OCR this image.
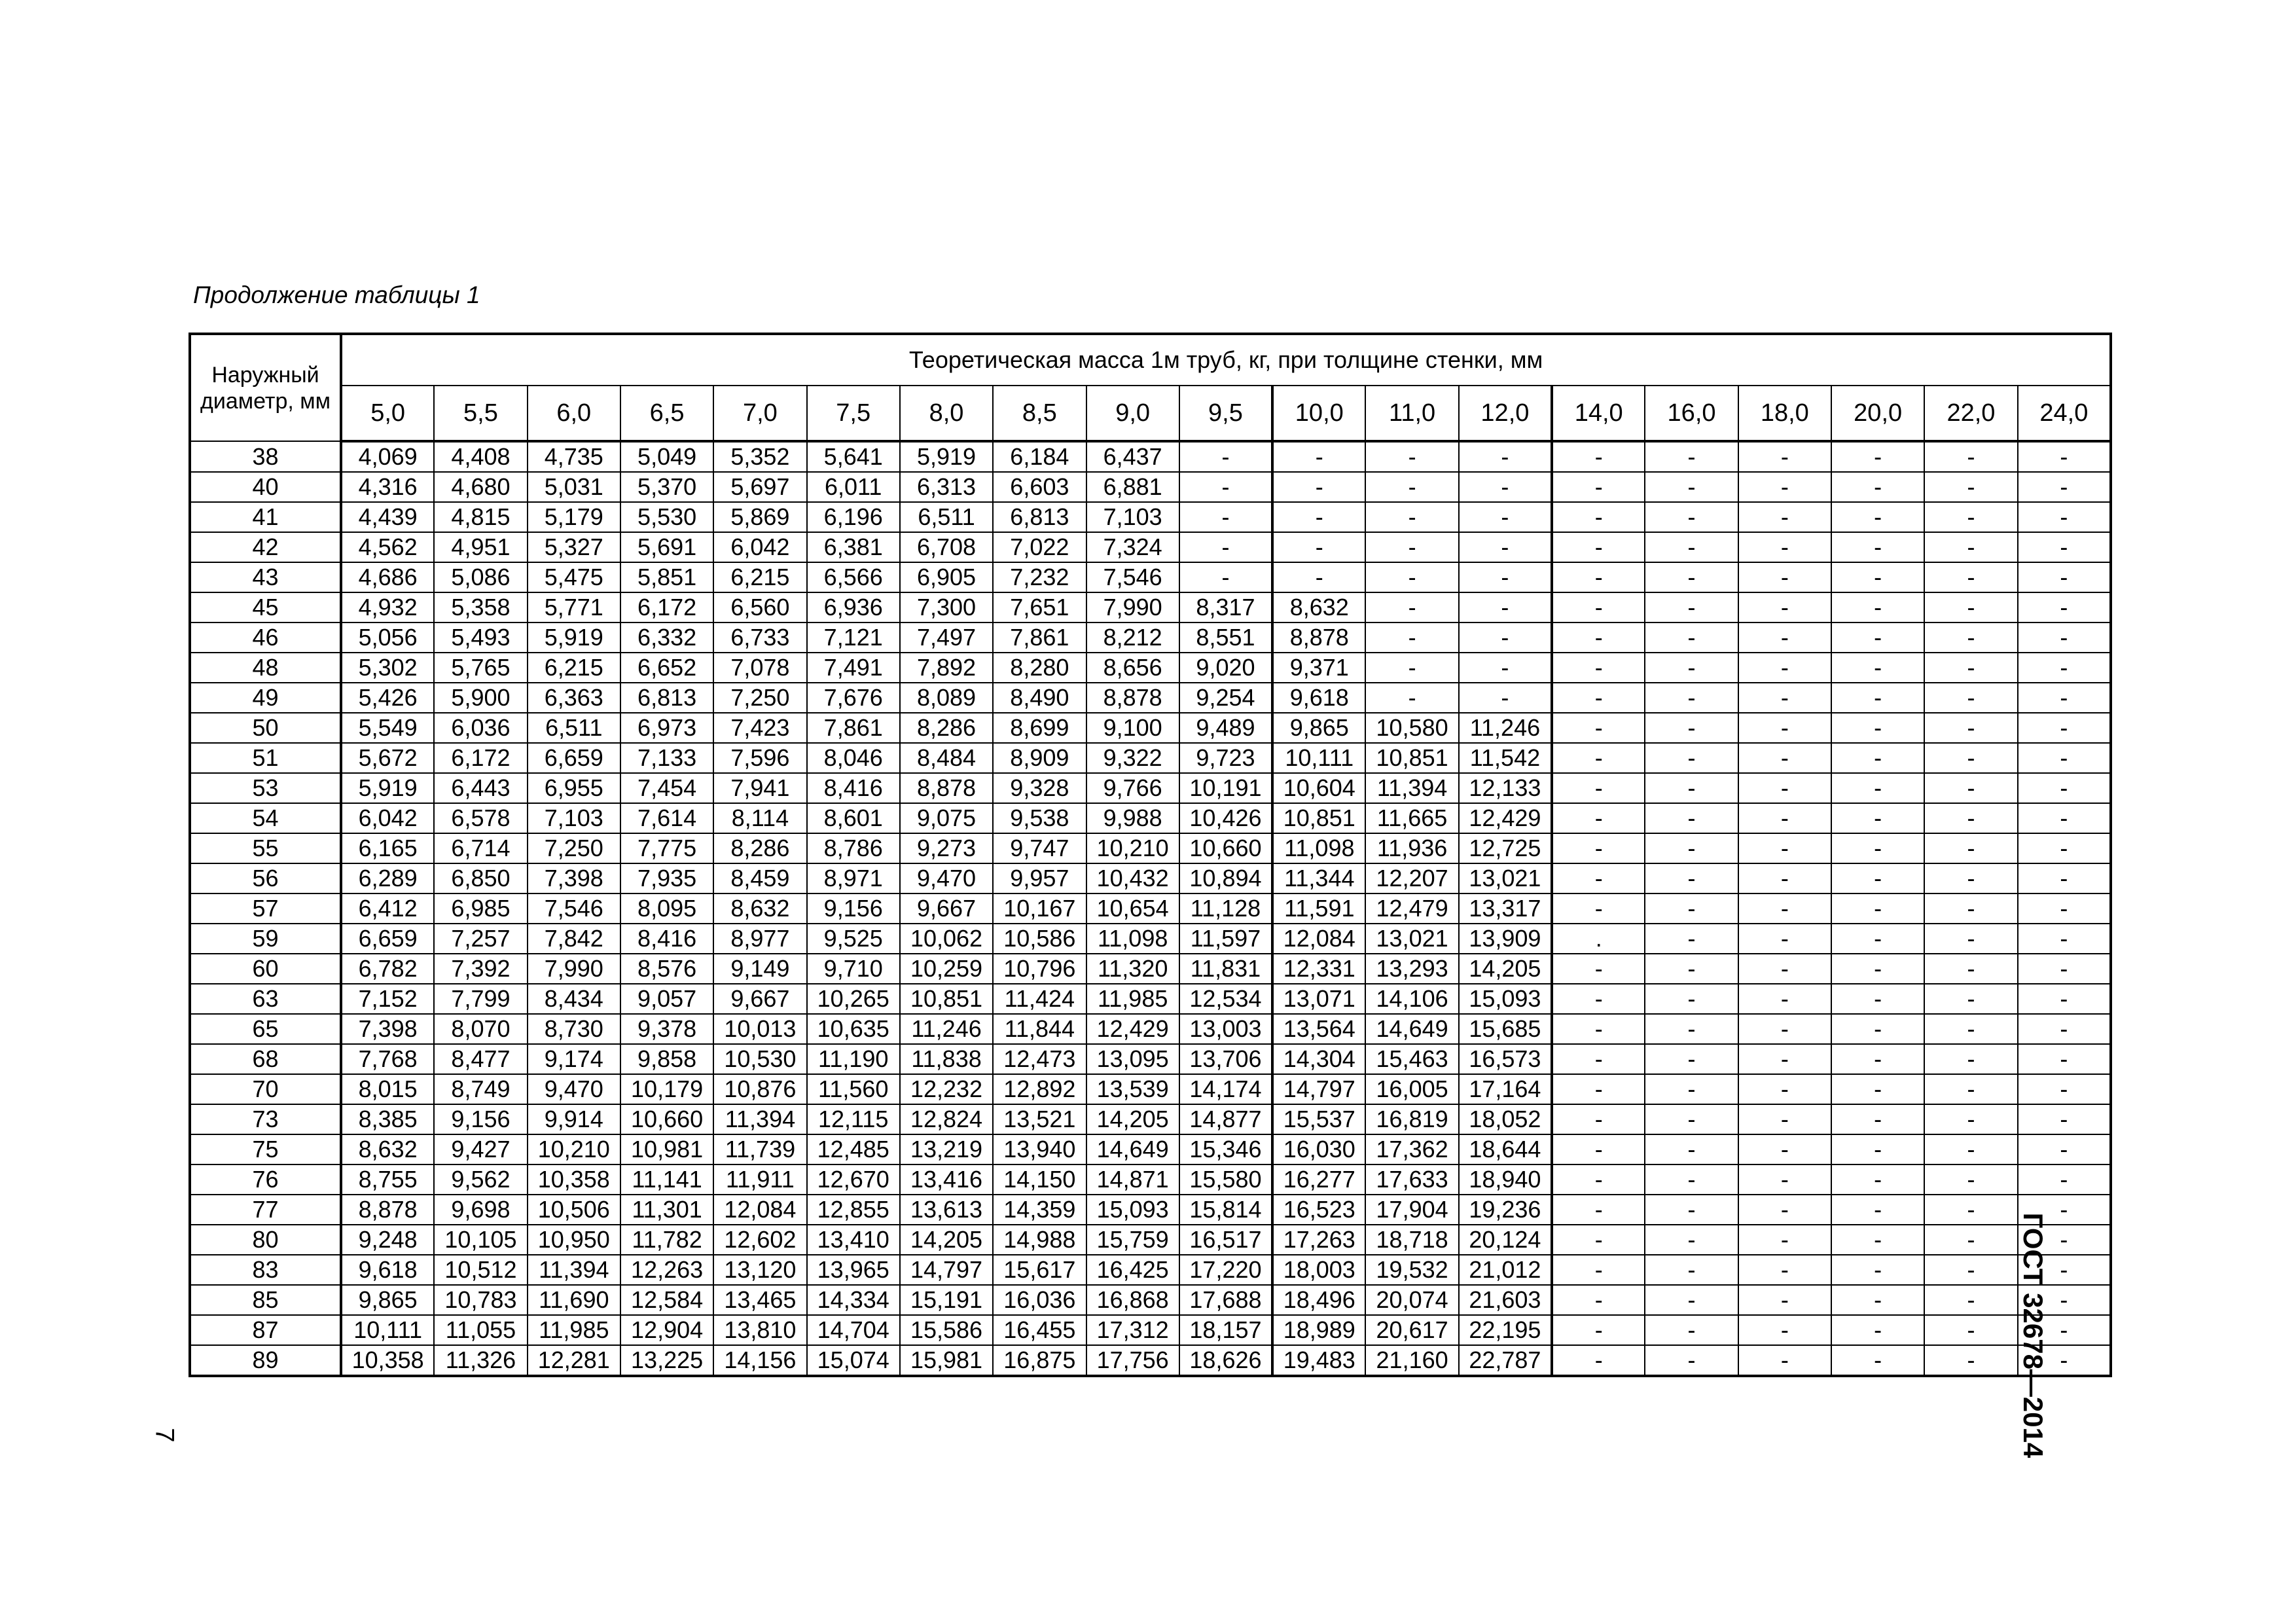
Продолжение таблицы 1
Наружный диаметр, мм	Теоретическая масса 1м труб, кг, при толщине стенки, мм																		
	5,0	5,5	6,0	6,5	7,0	7,5	8,0	8,5	9,0	9,5	10,0	11,0	12,0	14,0	16,0	18,0	20,0	22,0	24,0
38	4,069	4,408	4,735	5,049	5,352	5,641	5,919	6,184	6,437	-	-	-	-	-	-	-	-	-	-
40	4,316	4,680	5,031	5,370	5,697	6,011	6,313	6,603	6,881	-	-	-	-	-	-	-	-	-	-
41	4,439	4,815	5,179	5,530	5,869	6,196	6,511	6,813	7,103	-	-	-	-	-	-	-	-	-	-
42	4,562	4,951	5,327	5,691	6,042	6,381	6,708	7,022	7,324	-	-	-	-	-	-	-	-	-	-
43	4,686	5,086	5,475	5,851	6,215	6,566	6,905	7,232	7,546	-	-	-	-	-	-	-	-	-	-
45	4,932	5,358	5,771	6,172	6,560	6,936	7,300	7,651	7,990	8,317	8,632	-	-	-	-	-	-	-	-
46	5,056	5,493	5,919	6,332	6,733	7,121	7,497	7,861	8,212	8,551	8,878	-	-	-	-	-	-	-	-
48	5,302	5,765	6,215	6,652	7,078	7,491	7,892	8,280	8,656	9,020	9,371	-	-	-	-	-	-	-	-
49	5,426	5,900	6,363	6,813	7,250	7,676	8,089	8,490	8,878	9,254	9,618	-	-	-	-	-	-	-	-
50	5,549	6,036	6,511	6,973	7,423	7,861	8,286	8,699	9,100	9,489	9,865	10,580	11,246	-	-	-	-	-	-
51	5,672	6,172	6,659	7,133	7,596	8,046	8,484	8,909	9,322	9,723	10,111	10,851	11,542	-	-	-	-	-	-
53	5,919	6,443	6,955	7,454	7,941	8,416	8,878	9,328	9,766	10,191	10,604	11,394	12,133	-	-	-	-	-	-
54	6,042	6,578	7,103	7,614	8,114	8,601	9,075	9,538	9,988	10,426	10,851	11,665	12,429	-	-	-	-	-	-
55	6,165	6,714	7,250	7,775	8,286	8,786	9,273	9,747	10,210	10,660	11,098	11,936	12,725	-	-	-	-	-	-
56	6,289	6,850	7,398	7,935	8,459	8,971	9,470	9,957	10,432	10,894	11,344	12,207	13,021	-	-	-	-	-	-
57	6,412	6,985	7,546	8,095	8,632	9,156	9,667	10,167	10,654	11,128	11,591	12,479	13,317	-	-	-	-	-	-
59	6,659	7,257	7,842	8,416	8,977	9,525	10,062	10,586	11,098	11,597	12,084	13,021	13,909	.	-	-	-	-	-
60	6,782	7,392	7,990	8,576	9,149	9,710	10,259	10,796	11,320	11,831	12,331	13,293	14,205	-	-	-	-	-	-
63	7,152	7,799	8,434	9,057	9,667	10,265	10,851	11,424	11,985	12,534	13,071	14,106	15,093	-	-	-	-	-	-
65	7,398	8,070	8,730	9,378	10,013	10,635	11,246	11,844	12,429	13,003	13,564	14,649	15,685	-	-	-	-	-	-
68	7,768	8,477	9,174	9,858	10,530	11,190	11,838	12,473	13,095	13,706	14,304	15,463	16,573	-	-	-	-	-	-
70	8,015	8,749	9,470	10,179	10,876	11,560	12,232	12,892	13,539	14,174	14,797	16,005	17,164	-	-	-	-	-	-
73	8,385	9,156	9,914	10,660	11,394	12,115	12,824	13,521	14,205	14,877	15,537	16,819	18,052	-	-	-	-	-	-
75	8,632	9,427	10,210	10,981	11,739	12,485	13,219	13,940	14,649	15,346	16,030	17,362	18,644	-	-	-	-	-	-
76	8,755	9,562	10,358	11,141	11,911	12,670	13,416	14,150	14,871	15,580	16,277	17,633	18,940	-	-	-	-	-	-
77	8,878	9,698	10,506	11,301	12,084	12,855	13,613	14,359	15,093	15,814	16,523	17,904	19,236	-	-	-	-	-	-
80	9,248	10,105	10,950	11,782	12,602	13,410	14,205	14,988	15,759	16,517	17,263	18,718	20,124	-	-	-	-	-	-
83	9,618	10,512	11,394	12,263	13,120	13,965	14,797	15,617	16,425	17,220	18,003	19,532	21,012	-	-	-	-	-	-
85	9,865	10,783	11,690	12,584	13,465	14,334	15,191	16,036	16,868	17,688	18,496	20,074	21,603	-	-	-	-	-	-
87	10,111	11,055	11,985	12,904	13,810	14,704	15,586	16,455	17,312	18,157	18,989	20,617	22,195	-	-	-	-	-	-
89	10,358	11,326	12,281	13,225	14,156	15,074	15,981	16,875	17,756	18,626	19,483	21,160	22,787	-	-	-	-	-	-
ГОСТ 32678—2014
7
